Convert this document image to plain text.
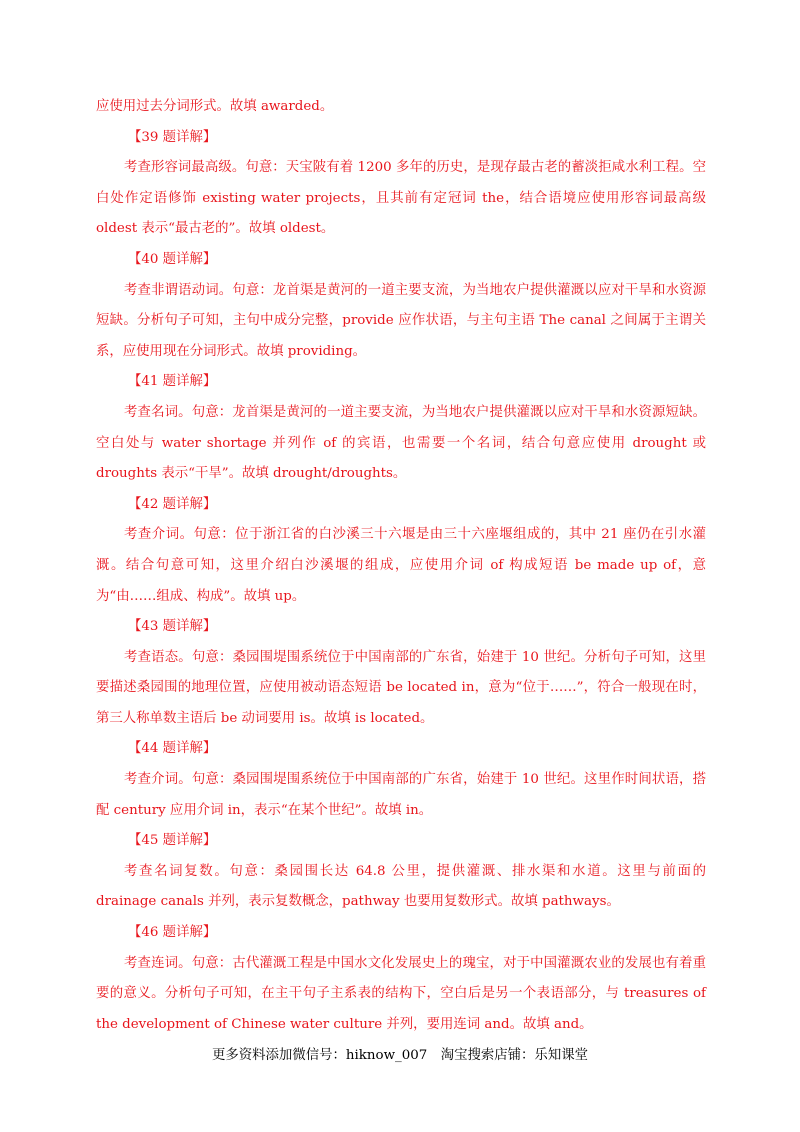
应使用过去分词形式。故填 awarded。

【39 题详解】

考查形容词最高级。句意：天宝陂有着 1200 多年的历史，是现存最古老的蓄淡拒咸水利工程。空白处作定语修饰 existing water projects，且其前有定冠词 the，结合语境应使用形容词最高级 oldest 表示“最古老的”。故填 oldest。

【40 题详解】

考查非谓语动词。句意：龙首渠是黄河的一道主要支流，为当地农户提供灌溉以应对干旱和水资源短缺。分析句子可知，主句中成分完整，provide 应作状语，与主句主语 The canal 之间属于主谓关系，应使用现在分词形式。故填 providing。

【41 题详解】

考查名词。句意：龙首渠是黄河的一道主要支流，为当地农户提供灌溉以应对干旱和水资源短缺。空白处与 water shortage 并列作 of 的宾语，也需要一个名词，结合句意应使用 drought 或 droughts 表示“干旱”。故填 drought/droughts。

【42 题详解】

考查介词。句意：位于浙江省的白沙溪三十六堰是由三十六座堰组成的，其中 21 座仍在引水灌溉。结合句意可知，这里介绍白沙溪堰的组成，应使用介词 of 构成短语 be made up of，意为“由……组成、构成”。故填 up。

【43 题详解】

考查语态。句意：桑园围堤围系统位于中国南部的广东省，始建于 10 世纪。分析句子可知，这里要描述桑园围的地理位置，应使用被动语态短语 be located in，意为“位于……”，符合一般现在时，第三人称单数主语后 be 动词要用 is。故填 is located。

【44 题详解】

考查介词。句意：桑园围堤围系统位于中国南部的广东省，始建于 10 世纪。这里作时间状语，搭配 century 应用介词 in，表示“在某个世纪”。故填 in。

【45 题详解】

考查名词复数。句意：桑园围长达 64.8 公里，提供灌溉、排水渠和水道。这里与前面的 drainage canals 并列，表示复数概念，pathway 也要用复数形式。故填 pathways。

【46 题详解】

考查连词。句意：古代灌溉工程是中国水文化发展史上的瑰宝，对于中国灌溉农业的发展也有着重要的意义。分析句子可知，在主干句子主系表的结构下，空白后是另一个表语部分，与 treasures of the development of Chinese water culture 并列，要用连词 and。故填 and。

更多资料添加微信号：hiknow_007　淘宝搜索店铺：乐知课堂
